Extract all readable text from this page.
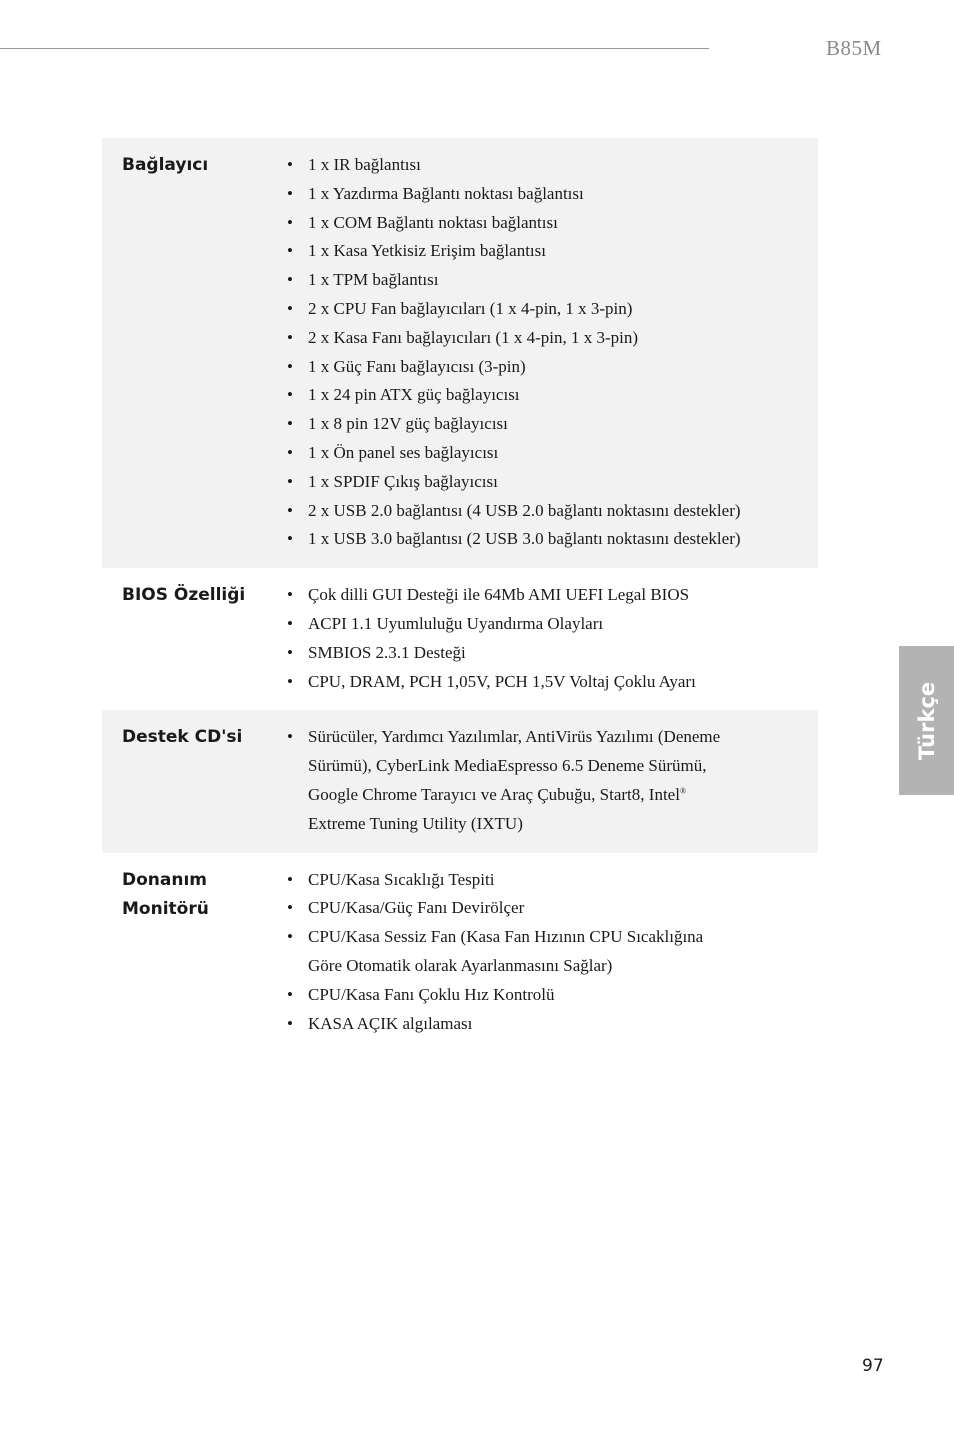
B85M
Türkçe
Bağlayıcı	• 1 x IR bağlantısı
• 1 x Yazdırma Bağlantı noktası bağlantısı
• 1 x COM Bağlantı noktası bağlantısı
• 1 x Kasa Yetkisiz Erişim bağlantısı
• 1 x TPM bağlantısı
• 2 x CPU Fan bağlayıcıları (1 x 4-pin, 1 x 3-pin)
• 2 x Kasa Fanı bağlayıcıları (1 x 4-pin, 1 x 3-pin)
• 1 x Güç Fanı bağlayıcısı (3-pin)
• 1 x 24 pin ATX güç bağlayıcısı
• 1 x 8 pin 12V güç bağlayıcısı
• 1 x Ön panel ses bağlayıcısı
• 1 x SPDIF Çıkış bağlayıcısı
• 2 x USB 2.0 bağlantısı (4 USB 2.0 bağlantı noktasını destekler)
• 1 x USB 3.0 bağlantısı (2 USB 3.0 bağlantı noktasını destekler)
BIOS Özelliği	• Çok dilli GUI Desteği ile 64Mb AMI UEFI Legal BIOS
• ACPI 1.1 Uyumluluğu Uyandırma Olayları
• SMBIOS 2.3.1 Desteği
• CPU, DRAM, PCH 1,05V, PCH 1,5V Voltaj Çoklu Ayarı
Destek CD'si	• Sürücüler, Yardımcı Yazılımlar, AntiVirüs Yazılımı (Deneme
Sürümü), CyberLink MediaEspresso 6.5 Deneme Sürümü,
Google Chrome Tarayıcı ve Araç Çubuğu, Start8, Intel®
Extreme Tuning Utility (IXTU)
Donanım
Monitörü
• CPU/Kasa Sıcaklığı Tespiti
• CPU/Kasa/Güç Fanı Devirölçer
• CPU/Kasa Sessiz Fan (Kasa Fan Hızının CPU Sıcaklığına
Göre Otomatik olarak Ayarlanmasını Sağlar)
• CPU/Kasa Fanı Çoklu Hız Kontrolü
• KASA AÇIK algılaması
97
